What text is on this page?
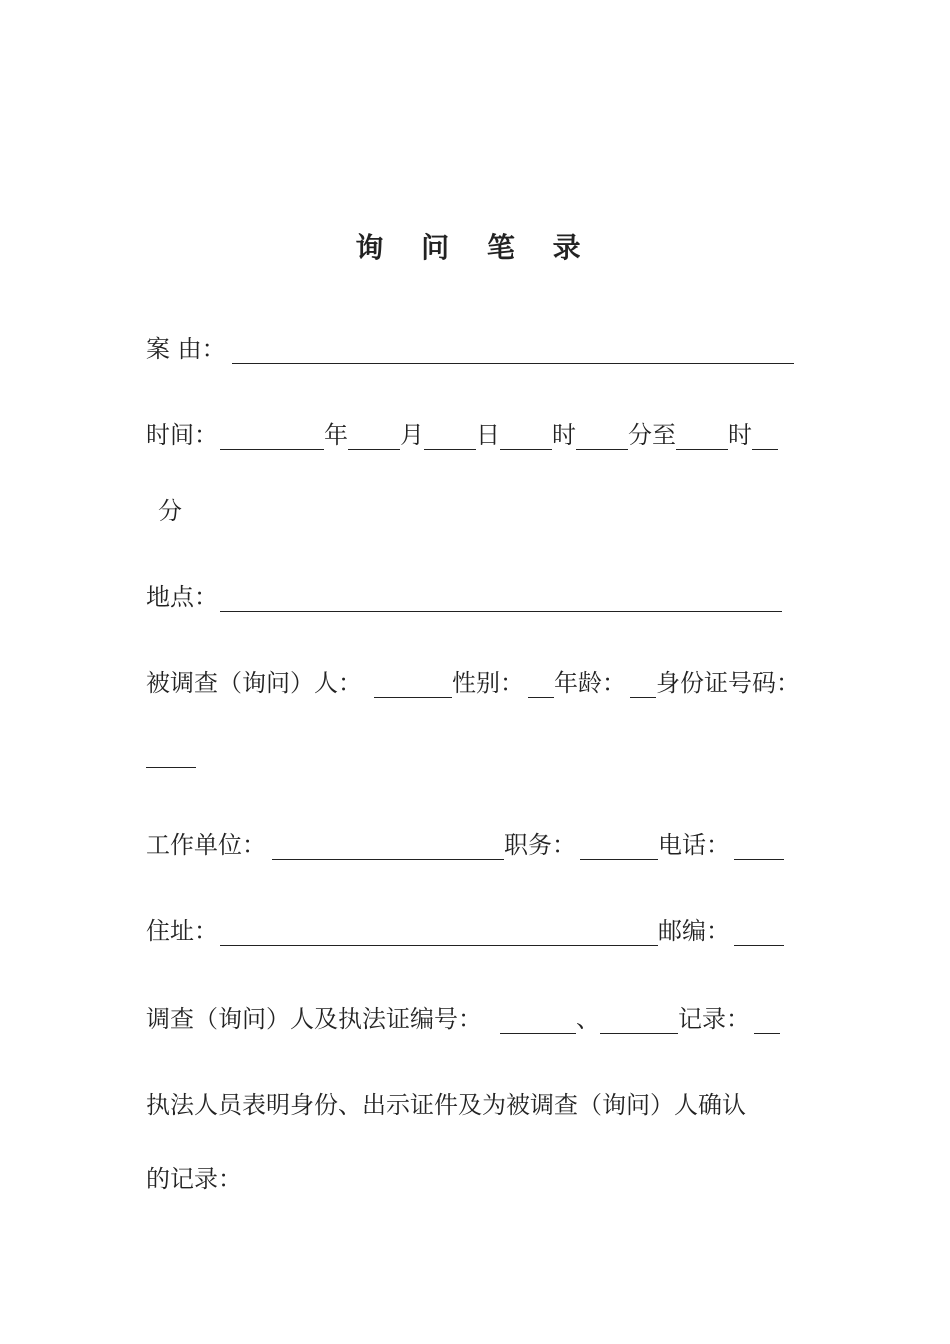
询 问 笔 录
案 由：
时间：	年 月 日 时 分至 时
分
地点：
被调查（询问）人：	性别： 年龄： 身份证号码：
工作单位：	职务：	电话：
住址：	邮编：
调查（询问）人及执法证编号：	、	记录：
执法人员表明身份、出示证件及为被调查（询问）人确认
的记录：
